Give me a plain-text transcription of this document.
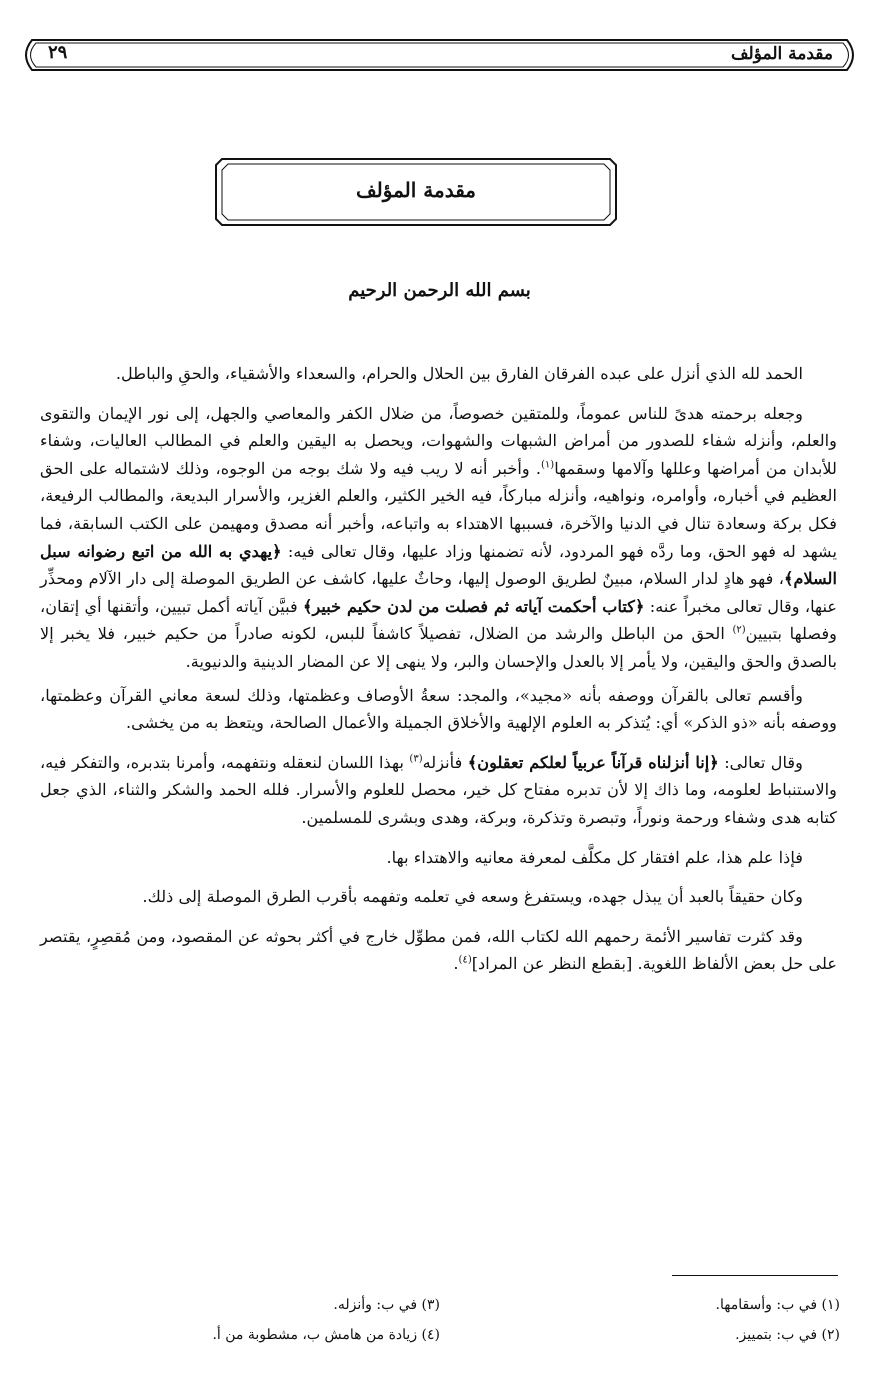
مقدمة المؤلف
٢٩
مقدمة المؤلف
بسم الله الرحمن الرحيم

الحمد لله الذي أنزل على عبده الفرقان الفارق بين الحلال والحرام، والسعداء والأشقياء، والحقِ والباطل.

وجعله برحمته هدىً للناس عموماً، وللمتقين خصوصاً، من ضلال الكفر والمعاصي والجهل، إلى نور الإيمان والتقوى والعلم، وأنزله شفاء للصدور من أمراض الشبهات والشهوات، ويحصل به اليقين والعلم في المطالب العاليات، وشفاء للأبدان من أمراضها وعللها وآلامها وسقمها$^{(١)}$. وأخبر أنه لا ريب فيه ولا شك بوجه من الوجوه، وذلك لاشتماله على الحق العظيم في أخباره، وأوامره، ونواهيه، وأنزله مباركاً، فيه الخير الكثير، والعلم الغزير، والأسرار البديعة، والمطالب الرفيعة، فكل بركة وسعادة تنال في الدنيا والآخرة، فسببها الاهتداء به واتباعه، وأخبر أنه مصدق ومهيمن على الكتب السابقة، فما يشهد له فهو الحق، وما ردَّه فهو المردود، لأنه تضمنها وزاد عليها، وقال تعالى فيه: ﴿يهدي به الله من اتبع رضوانه سبل السلام﴾، فهو هادٍ لدار السلام، مبينٌ لطريق الوصول إليها، وحاثٌ عليها، كاشف عن الطريق الموصلة إلى دار الآلام ومحذِّر عنها، وقال تعالى مخبراً عنه: ﴿كتاب أحكمت آياته ثم فصلت من لدن حكيم خبير﴾ فبيَّن آياته أكمل تبيين، وأتقنها أي إتقان، وفصلها بتبيين$^{(٢)}$ الحق من الباطل والرشد من الضلال، تفصيلاً كاشفاً للبس، لكونه صادراً من حكيم خبير، فلا يخبر إلا بالصدق والحق واليقين، ولا يأمر إلا بالعدل والإحسان والبر، ولا ينهى إلا عن المضار الدينية والدنيوية.

وأقسم تعالى بالقرآن ووصفه بأنه «مجيد»، والمجد: سعةُ الأوصاف وعظمتها، وذلك لسعة معاني القرآن وعظمتها، ووصفه بأنه «ذو الذكر» أي: يُتذكر به العلوم الإلهية والأخلاق الجميلة والأعمال الصالحة، ويتعظ به من يخشى.

وقال تعالى: ﴿إنا أنزلناه قرآناً عربياً لعلكم تعقلون﴾ فأنزله$^{(٣)}$ بهذا اللسان لنعقله ونتفهمه، وأمرنا بتدبره، والتفكر فيه، والاستنباط لعلومه، وما ذاك إلا لأن تدبره مفتاح كل خير، محصل للعلوم والأسرار. فلله الحمد والشكر والثناء، الذي جعل كتابه هدى وشفاء ورحمة ونوراً، وتبصرة وتذكرة، وبركة، وهدى وبشرى للمسلمين.

فإذا علم هذا، علم افتقار كل مكلَّف لمعرفة معانيه والاهتداء بها.

وكان حقيقاً بالعبد أن يبذل جهده، ويستفرغ وسعه في تعلمه وتفهمه بأقرب الطرق الموصلة إلى ذلك.

وقد كثرت تفاسير الأئمة رحمهم الله لكتاب الله، فمن مطوِّل خارج في أكثر بحوثه عن المقصود، ومن مُقصِرٍ، يقتصر على حل بعض الألفاظ اللغوية. [بقطع النظر عن المراد]$^{(٤)}$.

(١) في ب: وأسقامها.
(٢) في ب: بتمييز.
(٣) في ب: وأنزله.
(٤) زيادة من هامش ب، مشطوبة من أ.
